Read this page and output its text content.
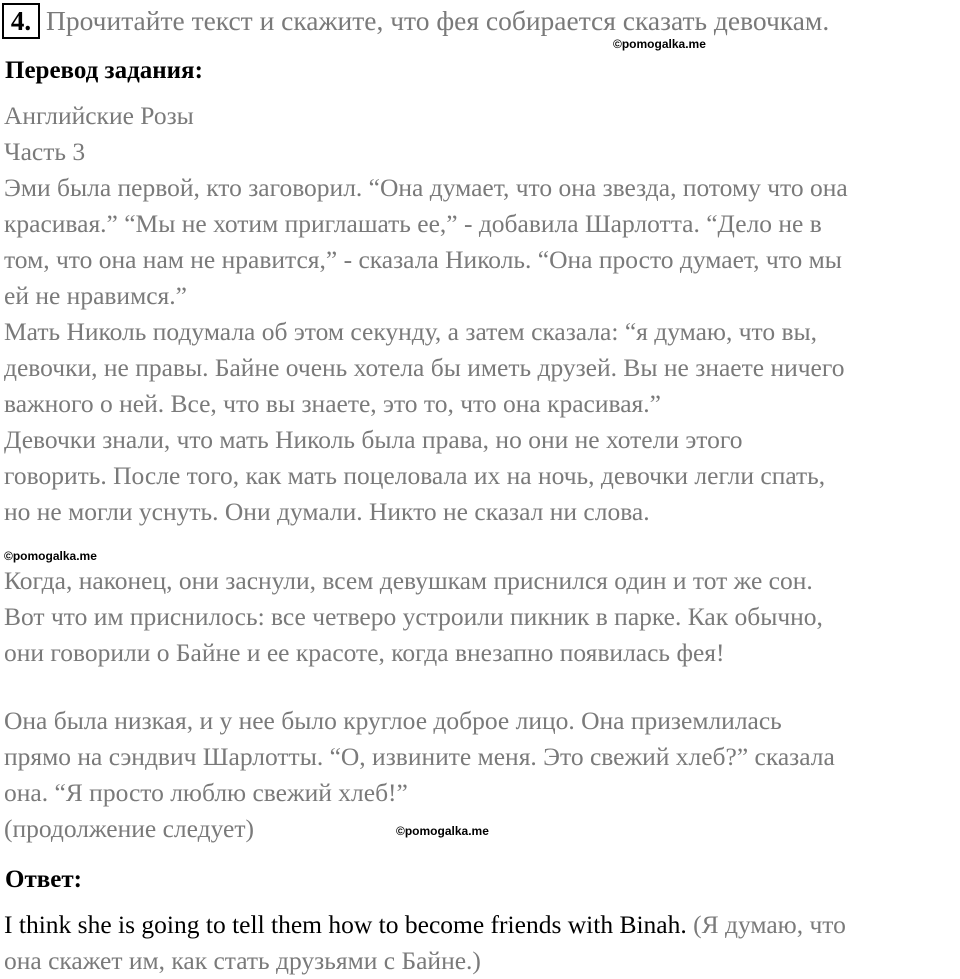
4. Прочитайте текст и скажите, что фея собирается сказать девочкам.
©pomogalka.me
Перевод задания:
Английские Розы
Часть 3
Эми была первой, кто заговорил. “Она думает, что она звезда, потому что она
красивая.” “Мы не хотим приглашать ее,” - добавила Шарлотта. “Дело не в
том, что она нам не нравится,” - сказала Николь. “Она просто думает, что мы
ей не нравимся.”
Мать Николь подумала об этом секунду, а затем сказала: “я думаю, что вы,
девочки, не правы. Байне очень хотела бы иметь друзей. Вы не знаете ничего
важного о ней. Все, что вы знаете, это то, что она красивая.”
Девочки знали, что мать Николь была права, но они не хотели этого
говорить. После того, как мать поцеловала их на ночь, девочки легли спать,
но не могли уснуть. Они думали. Никто не сказал ни слова.
©pomogalka.me
Когда, наконец, они заснули, всем девушкам приснился один и тот же сон.
Вот что им приснилось: все четверо устроили пикник в парке. Как обычно,
они говорили о Байне и ее красоте, когда внезапно появилась фея!
Она была низкая, и у нее было круглое доброе лицо. Она приземлилась
прямо на сэндвич Шарлотты. “О, извините меня. Это свежий хлеб?” сказала
она. “Я просто люблю свежий хлеб!”
(продолжение следует)	©pomogalka.me
Ответ:
I think she is going to tell them how to become friends with Binah. (Я думаю, что
она скажет им, как стать друзьями с Байне.)
